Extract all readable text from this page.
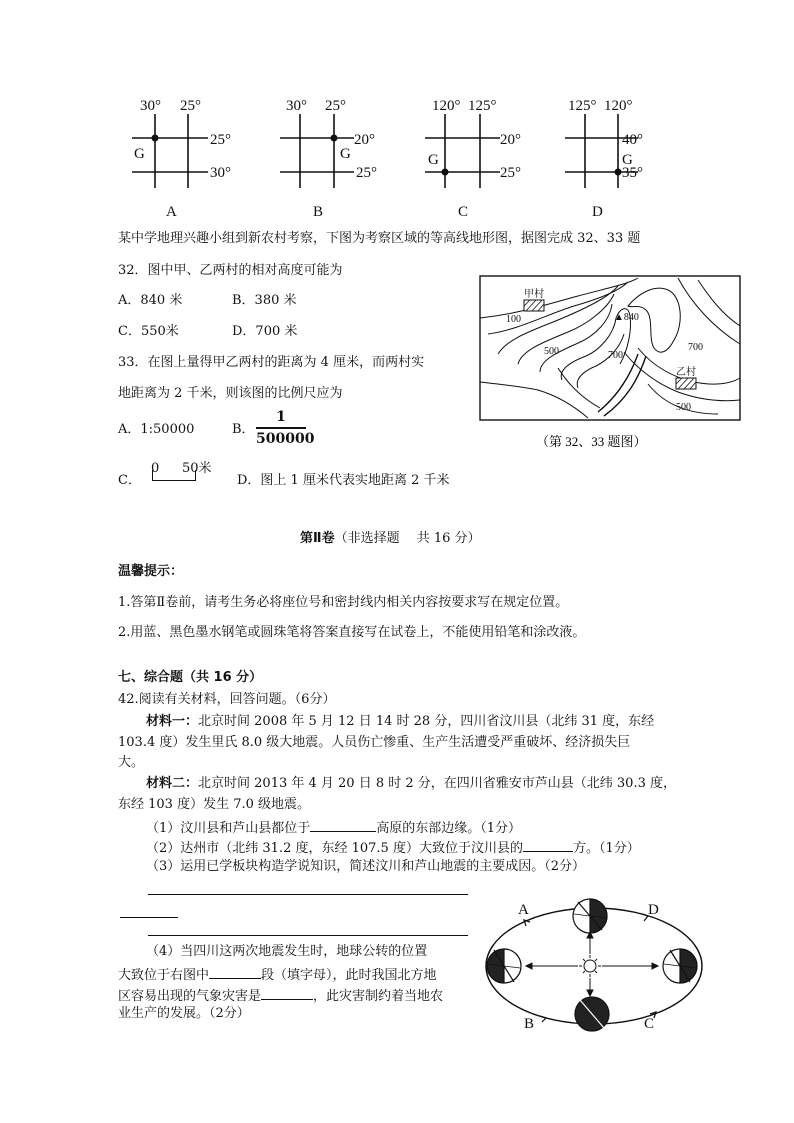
30° 25°
25°
30°
G
A
30° 25°
20°
25°
G
B
120° 125°
20°
25°
G
C
125° 120°
40°
35°
G
D
某中学地理兴趣小组到新农村考察，下图为考察区域的等高线地形图，据图完成 32、33 题
32．图中甲、乙两村的相对高度可能为
A．840 米	B．380 米
C．550米	D．700 米
33．在图上量得甲乙两村的距离为 4 厘米，而两村实
地距离为 2 千米，则该图的比例尺应为
A．1:50000	B．
1
500000
C．
0 50米
D．图上 1 厘米代表实地距离 2 千米
甲村
乙村
100	▲840
500	700
700
500
（第 32、33 题图）
第Ⅱ卷（非选择题　 共 16 分）
温馨提示：
1.答第Ⅱ卷前，请考生务必将座位号和密封线内相关内容按要求写在规定位置。
2.用蓝、黑色墨水钢笔或圆珠笔将答案直接写在试卷上，不能使用铅笔和涂改液。
七、综合题（共 16 分）
42.阅读有关材料，回答问题。（6分）
材料一：北京时间 2008 年 5 月 12 日 14 时 28 分，四川省汶川县（北纬 31 度，东经
103.4 度）发生里氏 8.0 级大地震。人员伤亡惨重、生产生活遭受严重破坏、经济损失巨
大。
材料二：北京时间 2013 年 4 月 20 日 8 时 2 分，在四川省雅安市芦山县（北纬 30.3 度，
东经 103 度）发生 7.0 级地震。
（1）汶川县和芦山县都位于	高原的东部边缘。（1分）
（2）达州市（北纬 31.2 度，东经 107.5 度）大致位于汶川县的	方。（1分）
（3）运用已学板块构造学说知识，简述汶川和芦山地震的主要成因。（2分）
（4）当四川这两次地震发生时，地球公转的位置
大致位于右图中	段（填字母），此时我国北方地
区容易出现的气象灾害是	，此灾害制约着当地农
业生产的发展。（2分）
A	D
B	C
